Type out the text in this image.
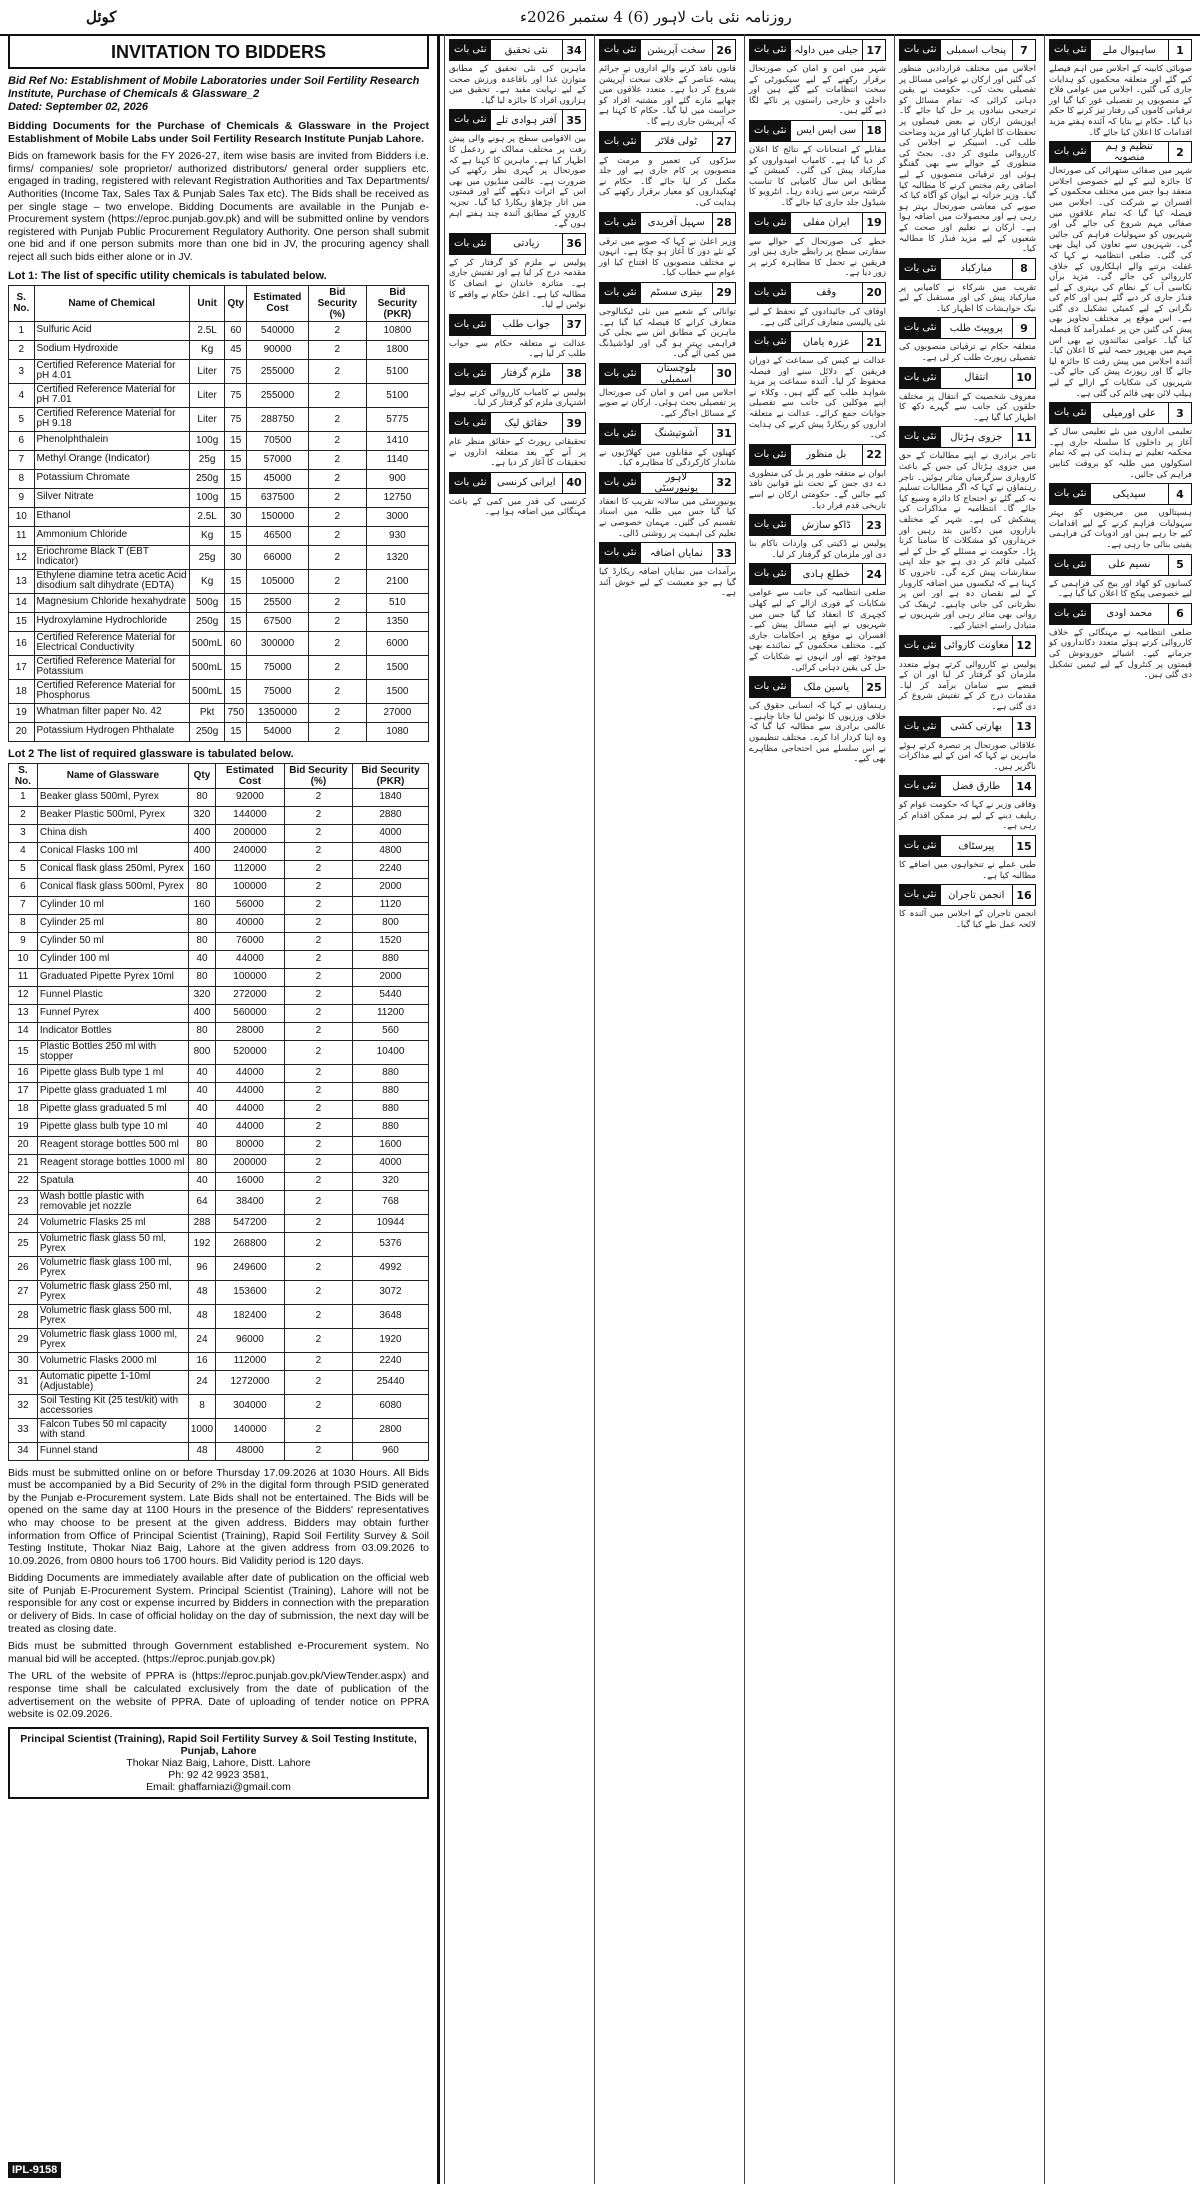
کوئل	روزنامہ نئی بات لاہور (6) 4 ستمبر 2026ء
INVITATION TO BIDDERS
Bid Ref No: Establishment of Mobile Laboratories under Soil Fertility Research Institute, Purchase of Chemicals & Glassware_2
Dated: September 02, 2026

Bidding Documents for the Purchase of Chemicals & Glassware in the Project Establishment of Mobile Labs under Soil Fertility Research Institute Punjab Lahore.

Bids on framework basis for the FY 2026-27, item wise basis are invited from Bidders i.e. firms/ companies/ sole proprietor/ authorized distributors/ general order suppliers etc. engaged in trading, registered with relevant Registration Authorities and Tax Departments/ Authorities (Income Tax, Sales Tax & Punjab Sales Tax etc). The Bids shall be received as per single stage – two envelope. Bidding Documents are available in the Punjab e-Procurement system (https://eproc.punjab.gov.pk) and will be submitted online by vendors registered with Punjab Public Procurement Regulatory Authority. One person shall submit one bid and if one person submits more than one bid in JV, the procuring agency shall reject all such bids either alone or in JV.

Lot 1: The list of specific utility chemicals is tabulated below.
S. No.	Name of Chemical	Unit	Qty	Estimated Cost	Bid Security (%)	Bid Security (PKR)
1	Sulfuric Acid	2.5L	60	540000	2	10800
2	Sodium Hydroxide	Kg	45	90000	2	1800
3	Certified Reference Material for pH 4.01	Liter	75	255000	2	5100
4	Certified Reference Material for pH 7.01	Liter	75	255000	2	5100
5	Certified Reference Material for pH 9.18	Liter	75	288750	2	5775
6	Phenolphthalein	100g	15	70500	2	1410
7	Methyl Orange (Indicator)	25g	15	57000	2	1140
8	Potassium Chromate	250g	15	45000	2	900
9	Silver Nitrate	100g	15	637500	2	12750
10	Ethanol	2.5L	30	150000	2	3000
11	Ammonium Chloride	Kg	15	46500	2	930
12	Eriochrome Black T (EBT Indicator)	25g	30	66000	2	1320
13	Ethylene diamine tetra acetic Acid disodium salt dihydrate (EDTA)	Kg	15	105000	2	2100
14	Magnesium Chloride hexahydrate	500g	15	25500	2	510
15	Hydroxylamine Hydrochloride	250g	15	67500	2	1350
16	Certified Reference Material for Electrical Conductivity	500mL	60	300000	2	6000
17	Certified Reference Material for Potassium	500mL	15	75000	2	1500
18	Certified Reference Material for Phosphorus	500mL	15	75000	2	1500
19	Whatman filter paper No. 42	Pkt	750	1350000	2	27000
20	Potassium Hydrogen Phthalate	250g	15	54000	2	1080
Lot 2 The list of required glassware is tabulated below.
S. No.	Name of Glassware	Qty	Estimated Cost	Bid Security (%)	Bid Security (PKR)
1	Beaker glass 500ml, Pyrex	80	92000	2	1840
2	Beaker Plastic 500ml, Pyrex	320	144000	2	2880
3	China dish	400	200000	2	4000
4	Conical Flasks 100 ml	400	240000	2	4800
5	Conical flask glass 250ml, Pyrex	160	112000	2	2240
6	Conical flask glass 500ml, Pyrex	80	100000	2	2000
7	Cylinder 10 ml	160	56000	2	1120
8	Cylinder 25 ml	80	40000	2	800
9	Cylinder 50 ml	80	76000	2	1520
10	Cylinder 100 ml	40	44000	2	880
11	Graduated Pipette Pyrex 10ml	80	100000	2	2000
12	Funnel Plastic	320	272000	2	5440
13	Funnel Pyrex	400	560000	2	11200
14	Indicator Bottles	80	28000	2	560
15	Plastic Bottles 250 ml with stopper	800	520000	2	10400
16	Pipette glass Bulb type 1 ml	40	44000	2	880
17	Pipette glass graduated 1 ml	40	44000	2	880
18	Pipette glass graduated 5 ml	40	44000	2	880
19	Pipette glass bulb type 10 ml	40	44000	2	880
20	Reagent storage bottles 500 ml	80	80000	2	1600
21	Reagent storage bottles 1000 ml	80	200000	2	4000
22	Spatula	40	16000	2	320
23	Wash bottle plastic with removable jet nozzle	64	38400	2	768
24	Volumetric Flasks 25 ml	288	547200	2	10944
25	Volumetric flask glass 50 ml, Pyrex	192	268800	2	5376
26	Volumetric flask glass 100 ml, Pyrex	96	249600	2	4992
27	Volumetric flask glass 250 ml, Pyrex	48	153600	2	3072
28	Volumetric flask glass 500 ml, Pyrex	48	182400	2	3648
29	Volumetric flask glass 1000 ml, Pyrex	24	96000	2	1920
30	Volumetric Flasks 2000 ml	16	112000	2	2240
31	Automatic pipette 1-10ml (Adjustable)	24	1272000	2	25440
32	Soil Testing Kit (25 test/kit) with accessories	8	304000	2	6080
33	Falcon Tubes 50 ml capacity with stand	1000	140000	2	2800
34	Funnel stand	48	48000	2	960

Bids must be submitted online on or before Thursday 17.09.2026 at 1030 Hours. All Bids must be accompanied by a Bid Security of 2% in the digital form through PSID generated by the Punjab e-Procurement system. Late Bids shall not be entertained. The Bids will be opened on the same day at 1100 Hours in the presence of the Bidders' representatives who may choose to be present at the given address. Bidders may obtain further information from Office of Principal Scientist (Training), Rapid Soil Fertility Survey & Soil Testing Institute, Thokar Niaz Baig, Lahore at the given address from 03.09.2026 to 10.09.2026, from 0800 hours to6 1700 hours. Bid Validity period is 120 days.

Bidding Documents are immediately available after date of publication on the official web site of Punjab E-Procurement System. Principal Scientist (Training), Lahore will not be responsible for any cost or expense incurred by Bidders in connection with the preparation or delivery of Bids. In case of official holiday on the day of submission, the next day will be treated as closing date.

Bids must be submitted through Government established e-Procurement system. No manual bid will be accepted. (https://eproc.punjab.gov.pk)

The URL of the website of PPRA is (https://eproc.punjab.gov.pk/ViewTender.aspx) and response time shall be calculated exclusively from the date of publication of the advertisement on the website of PPRA. Date of uploading of tender notice on PPRA website is 02.09.2026.

Principal Scientist (Training), Rapid Soil Fertility Survey & Soil Testing Institute, Punjab, Lahore
Thokar Niaz Baig, Lahore, Distt. Lahore
Ph: 92 42 9923 3581,
Email: ghaffarniazi@gmail.com
IPL-9158
34
نئی تحقیق
نئی بات
ماہرین کی نئی تحقیق کے مطابق متوازن غذا اور باقاعدہ ورزش صحت کے لیے نہایت مفید ہے۔ تحقیق میں ہزاروں افراد کا جائزہ لیا گیا۔
35
آفتر ہوادی تلے
نئی بات
بین الاقوامی سطح پر ہونے والی پیش رفت پر مختلف ممالک نے ردعمل کا اظہار کیا ہے۔ ماہرین کا کہنا ہے کہ صورتحال پر گہری نظر رکھنے کی ضرورت ہے۔ عالمی منڈیوں میں بھی اس کے اثرات دیکھے گئے اور قیمتوں میں اتار چڑھاؤ ریکارڈ کیا گیا۔ تجزیہ کاروں کے مطابق آئندہ چند ہفتے اہم ہوں گے۔
36
زیادتی
نئی بات
پولیس نے ملزم کو گرفتار کر کے مقدمہ درج کر لیا ہے اور تفتیش جاری ہے۔ متاثرہ خاندان نے انصاف کا مطالبہ کیا ہے۔ اعلیٰ حکام نے واقعے کا نوٹس لے لیا۔
37
جواب طلب
نئی بات
عدالت نے متعلقہ حکام سے جواب طلب کر لیا ہے۔
38
ملزم گرفتار
نئی بات
پولیس نے کامیاب کارروائی کرتے ہوئے اشتہاری ملزم کو گرفتار کر لیا۔
39
حقائق لیک
نئی بات
تحقیقاتی رپورٹ کے حقائق منظر عام پر آنے کے بعد متعلقہ اداروں نے تحقیقات کا آغاز کر دیا ہے۔
40
ایرانی کرنسی
نئی بات
کرنسی کی قدر میں کمی کے باعث مہنگائی میں اضافہ ہوا ہے۔
26
سخت آپریشن
نئی بات
قانون نافذ کرنے والے اداروں نے جرائم پیشہ عناصر کے خلاف سخت آپریشن شروع کر دیا ہے۔ متعدد علاقوں میں چھاپے مارے گئے اور مشتبہ افراد کو حراست میں لیا گیا۔ حکام کا کہنا ہے کہ آپریشن جاری رہے گا۔
27
ٹولی فلاٹر
نئی بات
سڑکوں کی تعمیر و مرمت کے منصوبوں پر کام جاری ہے اور جلد مکمل کر لیا جائے گا۔ حکام نے ٹھیکیداروں کو معیار برقرار رکھنے کی ہدایت کی۔
28
سہیل آفریدی
نئی بات
وزیر اعلیٰ نے کہا کہ صوبے میں ترقی کے نئے دور کا آغاز ہو چکا ہے۔ انہوں نے مختلف منصوبوں کا افتتاح کیا اور عوام سے خطاب کیا۔
29
بیتری سسٹم
نئی بات
توانائی کے شعبے میں نئی ٹیکنالوجی متعارف کرانے کا فیصلہ کیا گیا ہے۔ ماہرین کے مطابق اس سے بجلی کی فراہمی بہتر ہو گی اور لوڈشیڈنگ میں کمی آئے گی۔
30
بلوچستان اسمبلی
نئی بات
اجلاس میں امن و امان کی صورتحال پر تفصیلی بحث ہوئی۔ ارکان نے صوبے کے مسائل اجاگر کیے۔
31
آشوتیشنگ
نئی بات
کھیلوں کے مقابلوں میں کھلاڑیوں نے شاندار کارکردگی کا مظاہرہ کیا۔
32
لاہور یونیورسٹی
نئی بات
یونیورسٹی میں سالانہ تقریب کا انعقاد کیا گیا جس میں طلبہ میں اسناد تقسیم کی گئیں۔ مہمان خصوصی نے تعلیم کی اہمیت پر روشنی ڈالی۔
33
نمایاں اضافہ
نئی بات
برآمدات میں نمایاں اضافہ ریکارڈ کیا گیا ہے جو معیشت کے لیے خوش آئند ہے۔
17
جیلی میں داولہ
نئی بات
شہر میں امن و امان کی صورتحال برقرار رکھنے کے لیے سیکیورٹی کے سخت انتظامات کیے گئے ہیں اور داخلی و خارجی راستوں پر ناکے لگا دیے گئے ہیں۔
18
سی ایس ایس
نئی بات
مقابلے کے امتحانات کے نتائج کا اعلان کر دیا گیا ہے۔ کامیاب امیدواروں کو مبارکباد پیش کی گئی۔ کمیشن کے مطابق اس سال کامیابی کا تناسب گزشتہ برس سے زیادہ رہا۔ انٹرویو کا شیڈول جلد جاری کیا جائے گا۔
19
ایران مفلی
نئی بات
خطے کی صورتحال کے حوالے سے سفارتی سطح پر رابطے جاری ہیں اور فریقین نے تحمل کا مظاہرہ کرنے پر زور دیا ہے۔
20
وقف
نئی بات
اوقاف کی جائیدادوں کے تحفظ کے لیے نئی پالیسی متعارف کرائی گئی ہے۔
21
عزرہ یامان
نئی بات
عدالت نے کیس کی سماعت کے دوران فریقین کے دلائل سنے اور فیصلہ محفوظ کر لیا۔ آئندہ سماعت پر مزید شواہد طلب کیے گئے ہیں۔ وکلاء نے اپنے موکلین کی جانب سے تفصیلی جوابات جمع کرائے۔ عدالت نے متعلقہ اداروں کو ریکارڈ پیش کرنے کی ہدایت کی۔
22
بل منظور
نئی بات
ایوان نے متفقہ طور پر بل کی منظوری دے دی جس کے تحت نئے قوانین نافذ کیے جائیں گے۔ حکومتی ارکان نے اسے تاریخی قدم قرار دیا۔
23
ڈاکو سازش
نئی بات
پولیس نے ڈکیتی کی واردات ناکام بنا دی اور ملزمان کو گرفتار کر لیا۔
24
خطلع ہادی
نئی بات
ضلعی انتظامیہ کی جانب سے عوامی شکایات کے فوری ازالے کے لیے کھلی کچہری کا انعقاد کیا گیا جس میں شہریوں نے اپنے مسائل پیش کیے۔ افسران نے موقع پر احکامات جاری کیے۔ مختلف محکموں کے نمائندے بھی موجود تھے اور انہوں نے شکایات کے حل کی یقین دہانی کرائی۔
25
یاسین ملک
نئی بات
رہنماؤں نے کہا کہ انسانی حقوق کی خلاف ورزیوں کا نوٹس لیا جانا چاہیے۔ عالمی برادری سے مطالبہ کیا گیا کہ وہ اپنا کردار ادا کرے۔ مختلف تنظیموں نے اس سلسلے میں احتجاجی مظاہرے بھی کیے۔
7
پنجاب اسمبلی
نئی بات
اجلاس میں مختلف قراردادیں منظور کی گئیں اور ارکان نے عوامی مسائل پر تفصیلی بحث کی۔ حکومت نے یقین دہانی کرائی کہ تمام مسائل کو ترجیحی بنیادوں پر حل کیا جائے گا۔ اپوزیشن ارکان نے بعض فیصلوں پر تحفظات کا اظہار کیا اور مزید وضاحت طلب کی۔ اسپیکر نے اجلاس کی کارروائی ملتوی کر دی۔ بجٹ کی منظوری کے حوالے سے بھی گفتگو ہوئی اور ترقیاتی منصوبوں کے لیے اضافی رقم مختص کرنے کا مطالبہ کیا گیا۔ وزیر خزانہ نے ایوان کو آگاہ کیا کہ صوبے کی معاشی صورتحال بہتر ہو رہی ہے اور محصولات میں اضافہ ہوا ہے۔ ارکان نے تعلیم اور صحت کے شعبوں کے لیے مزید فنڈز کا مطالبہ کیا۔
8
مبارکباد
نئی بات
تقریب میں شرکاء نے کامیابی پر مبارکباد پیش کی اور مستقبل کے لیے نیک خواہشات کا اظہار کیا۔
9
پروپیٹ طلب
نئی بات
متعلقہ حکام نے ترقیاتی منصوبوں کی تفصیلی رپورٹ طلب کر لی ہے۔
10
انتقال
نئی بات
معروف شخصیت کے انتقال پر مختلف حلقوں کی جانب سے گہرے دکھ کا اظہار کیا گیا ہے۔
11
جزوی ہڑتال
نئی بات
تاجر برادری نے اپنے مطالبات کے حق میں جزوی ہڑتال کی جس کے باعث کاروباری سرگرمیاں متاثر ہوئیں۔ تاجر رہنماؤں نے کہا کہ اگر مطالبات تسلیم نہ کیے گئے تو احتجاج کا دائرہ وسیع کیا جائے گا۔ انتظامیہ نے مذاکرات کی پیشکش کی ہے۔ شہر کے مختلف بازاروں میں دکانیں بند رہیں اور خریداروں کو مشکلات کا سامنا کرنا پڑا۔ حکومت نے مسئلے کے حل کے لیے کمیٹی قائم کر دی ہے جو جلد اپنی سفارشات پیش کرے گی۔ تاجروں کا کہنا ہے کہ ٹیکسوں میں اضافہ کاروبار کے لیے نقصان دہ ہے اور اس پر نظرثانی کی جانی چاہیے۔ ٹریفک کی روانی بھی متاثر رہی اور شہریوں نے متبادل راستے اختیار کیے۔
12
معاونت کاروائی
نئی بات
پولیس نے کارروائی کرتے ہوئے متعدد ملزمان کو گرفتار کر لیا اور ان کے قبضے سے سامان برآمد کر لیا۔ مقدمات درج کر کے تفتیش شروع کر دی گئی ہے۔
13
بھارتی کشی
نئی بات
علاقائی صورتحال پر تبصرہ کرتے ہوئے ماہرین نے کہا کہ امن کے لیے مذاکرات ناگزیر ہیں۔
14
طارق فضل
نئی بات
وفاقی وزیر نے کہا کہ حکومت عوام کو ریلیف دینے کے لیے ہر ممکن اقدام کر رہی ہے۔
15
پیرسٹاف
نئی بات
طبی عملے نے تنخواہوں میں اضافے کا مطالبہ کیا ہے۔
16
انجمن تاجران
نئی بات
انجمن تاجران کے اجلاس میں آئندہ کا لائحہ عمل طے کیا گیا۔
1
ساہیوال ملے
نئی بات
صوبائی کابینہ کے اجلاس میں اہم فیصلے کیے گئے اور متعلقہ محکموں کو ہدایات جاری کی گئیں۔ اجلاس میں عوامی فلاح کے منصوبوں پر تفصیلی غور کیا گیا اور ترقیاتی کاموں کی رفتار تیز کرنے کا حکم دیا گیا۔ حکام نے بتایا کہ آئندہ ہفتے مزید اقدامات کا اعلان کیا جائے گا۔
2
تنظیم و ہم منصوبہ
نئی بات
شہر میں صفائی ستھرائی کی صورتحال کا جائزہ لینے کے لیے خصوصی اجلاس منعقد ہوا جس میں مختلف محکموں کے افسران نے شرکت کی۔ اجلاس میں فیصلہ کیا گیا کہ تمام علاقوں میں صفائی مہم شروع کی جائے گی اور شہریوں کو سہولیات فراہم کی جائیں گی۔ شہریوں سے تعاون کی اپیل بھی کی گئی۔ ضلعی انتظامیہ نے کہا کہ غفلت برتنے والے اہلکاروں کے خلاف کارروائی کی جائے گی۔ مزید برآں نکاسی آب کے نظام کی بہتری کے لیے فنڈز جاری کر دیے گئے ہیں اور کام کی نگرانی کے لیے کمیٹی تشکیل دی گئی ہے۔ اس موقع پر مختلف تجاویز بھی پیش کی گئیں جن پر عملدرآمد کا فیصلہ کیا گیا۔ عوامی نمائندوں نے بھی اس مہم میں بھرپور حصہ لینے کا اعلان کیا۔ آئندہ اجلاس میں پیش رفت کا جائزہ لیا جائے گا اور رپورٹ پیش کی جائے گی۔ شہریوں کی شکایات کے ازالے کے لیے ہیلپ لائن بھی قائم کی گئی ہے۔
3
علی اورمیلی
نئی بات
تعلیمی اداروں میں نئے تعلیمی سال کے آغاز پر داخلوں کا سلسلہ جاری ہے۔ محکمہ تعلیم نے ہدایت کی ہے کہ تمام اسکولوں میں طلبہ کو بروقت کتابیں فراہم کی جائیں۔
4
سیدیکی
نئی بات
ہسپتالوں میں مریضوں کو بہتر سہولیات فراہم کرنے کے لیے اقدامات کیے جا رہے ہیں اور ادویات کی فراہمی یقینی بنائی جا رہی ہے۔
5
نسیم علی
نئی بات
کسانوں کو کھاد اور بیج کی فراہمی کے لیے خصوصی پیکج کا اعلان کیا گیا ہے۔
6
محمد اودی
نئی بات
ضلعی انتظامیہ نے مہنگائی کے خلاف کارروائی کرتے ہوئے متعدد دکانداروں کو جرمانے کیے۔ اشیائے خورونوش کی قیمتوں پر کنٹرول کے لیے ٹیمیں تشکیل دی گئی ہیں۔
